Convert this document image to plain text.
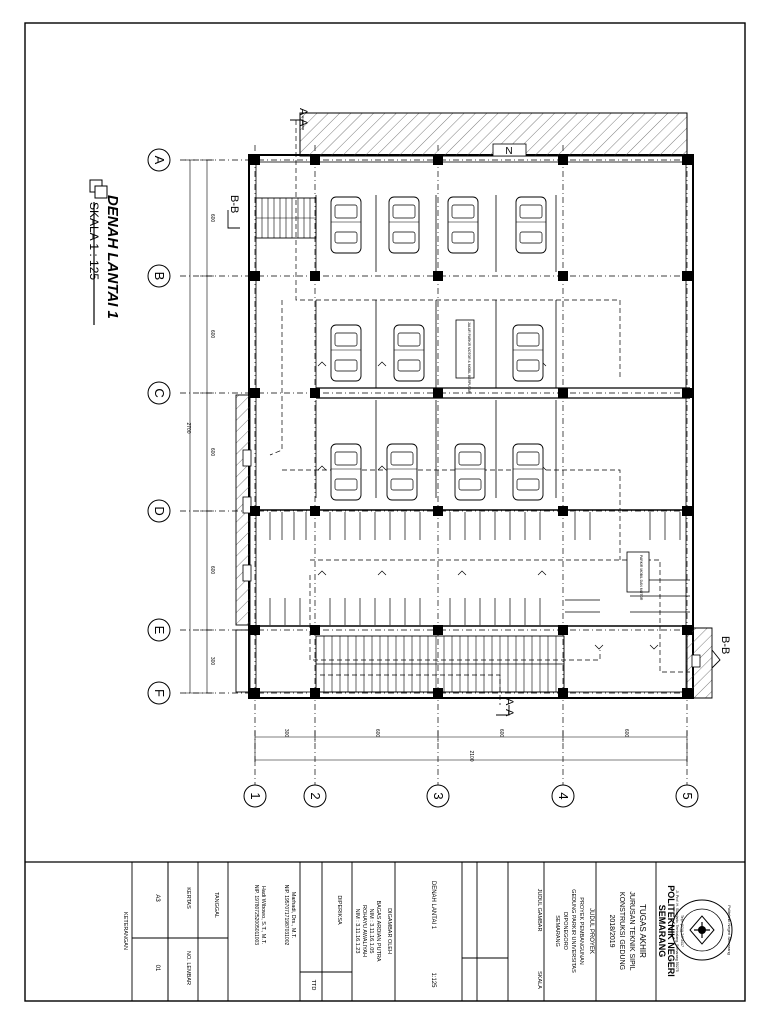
N
JALUR PARKIR MOTOR & MOBIL BERPUTAR
PARKIR MOBIL DAN MOTOR
A
B
C
D
E
F
1	2	3	4	5
600
600
600
600
300
2700
300	600	600	600
2100
A-A
A-A
B-B
B-B
DENAH LANTAI 1
SKALA 1 : 125
Politeknik Negeri Semarang
POLITEKNIK NEGERI
SEMARANG Jl. Prof. H. Soedarto, Tembalang, Semarang 50275 Telp. (024) 7473417
TUGAS AKHIR
JURUSAN TEKNIK SIPIL
KONSTRUKSI GEDUNG
2018/2019
JUDUL PROYEK
PROYEK PEMBANGUNAN
GEDUNG PARKIR UNIVERSITAS
DIPONEGORO
SEMARANG
JUDUL GAMBAR
SKALA
DENAH LANTAI 1
1:125
DIGAMBAR OLEH
BAGAS ARDIAN PUTRA
NIM : 3.11.16.1.05
ROHAYU AWALIYAH
NIM : 3.11.16.1.23
DIPERIKSA
TTD
Marhadi, Drs., M.T.
NIP. 195707171987031002
Hadi Wibowo, S.T., M.T.
NIP. 197807252005011003
TANGGAL
KERTAS
NO. LEMBAR
A3
01
KETERANGAN
